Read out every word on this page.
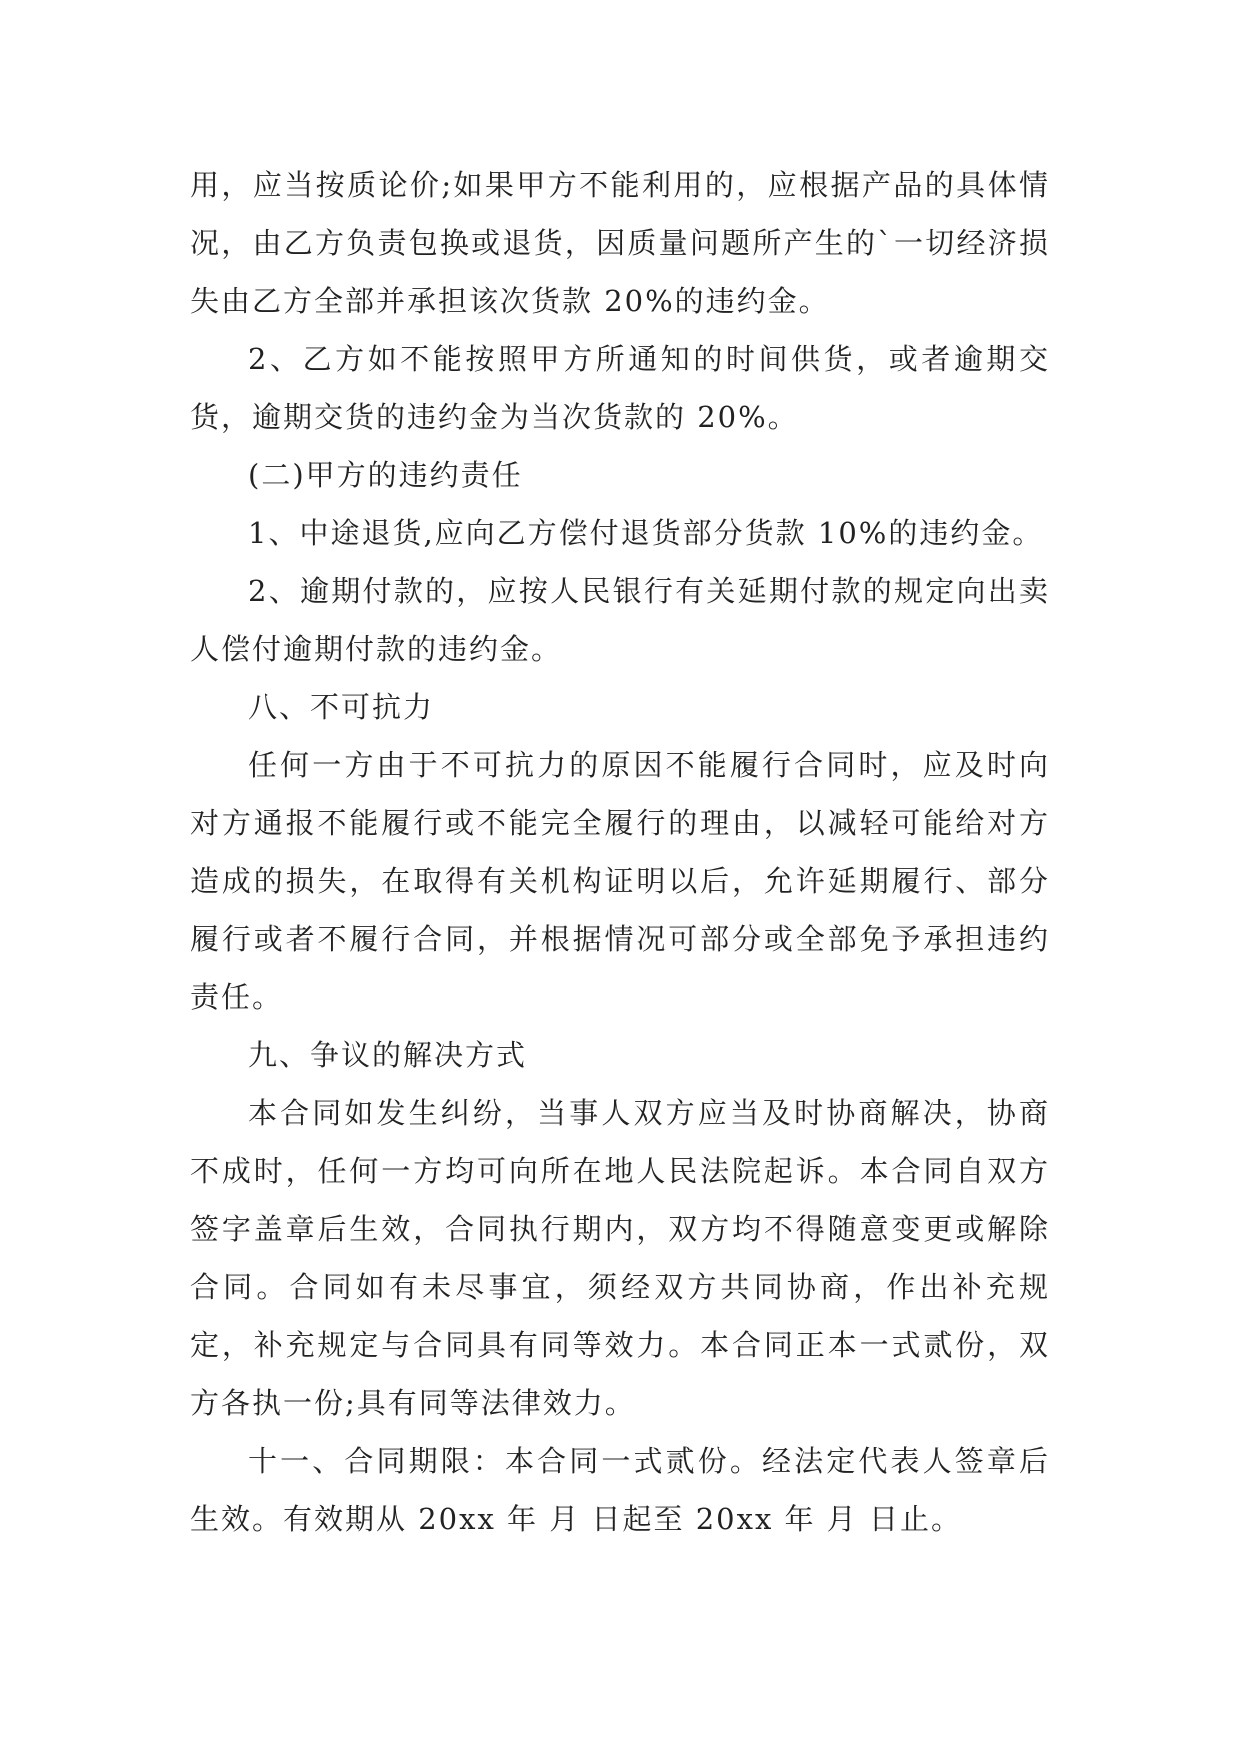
用，应当按质论价;如果甲方不能利用的，应根据产品的具体情况，由乙方负责包换或退货，因质量问题所产生的`一切经济损失由乙方全部并承担该次货款 20%的违约金。

2、乙方如不能按照甲方所通知的时间供货，或者逾期交货，逾期交货的违约金为当次货款的 20%。

(二)甲方的违约责任

1、中途退货,应向乙方偿付退货部分货款 10%的违约金。

2、逾期付款的，应按人民银行有关延期付款的规定向出卖人偿付逾期付款的违约金。

八、不可抗力

任何一方由于不可抗力的原因不能履行合同时，应及时向对方通报不能履行或不能完全履行的理由，以减轻可能给对方造成的损失，在取得有关机构证明以后，允许延期履行、部分履行或者不履行合同，并根据情况可部分或全部免予承担违约责任。

九、争议的解决方式

本合同如发生纠纷，当事人双方应当及时协商解决，协商不成时，任何一方均可向所在地人民法院起诉。本合同自双方签字盖章后生效，合同执行期内，双方均不得随意变更或解除合同。合同如有未尽事宜，须经双方共同协商，作出补充规定，补充规定与合同具有同等效力。本合同正本一式贰份，双方各执一份;具有同等法律效力。

十一、合同期限：本合同一式贰份。经法定代表人签章后生效。有效期从 20xx 年 月 日起至 20xx 年 月 日止。
